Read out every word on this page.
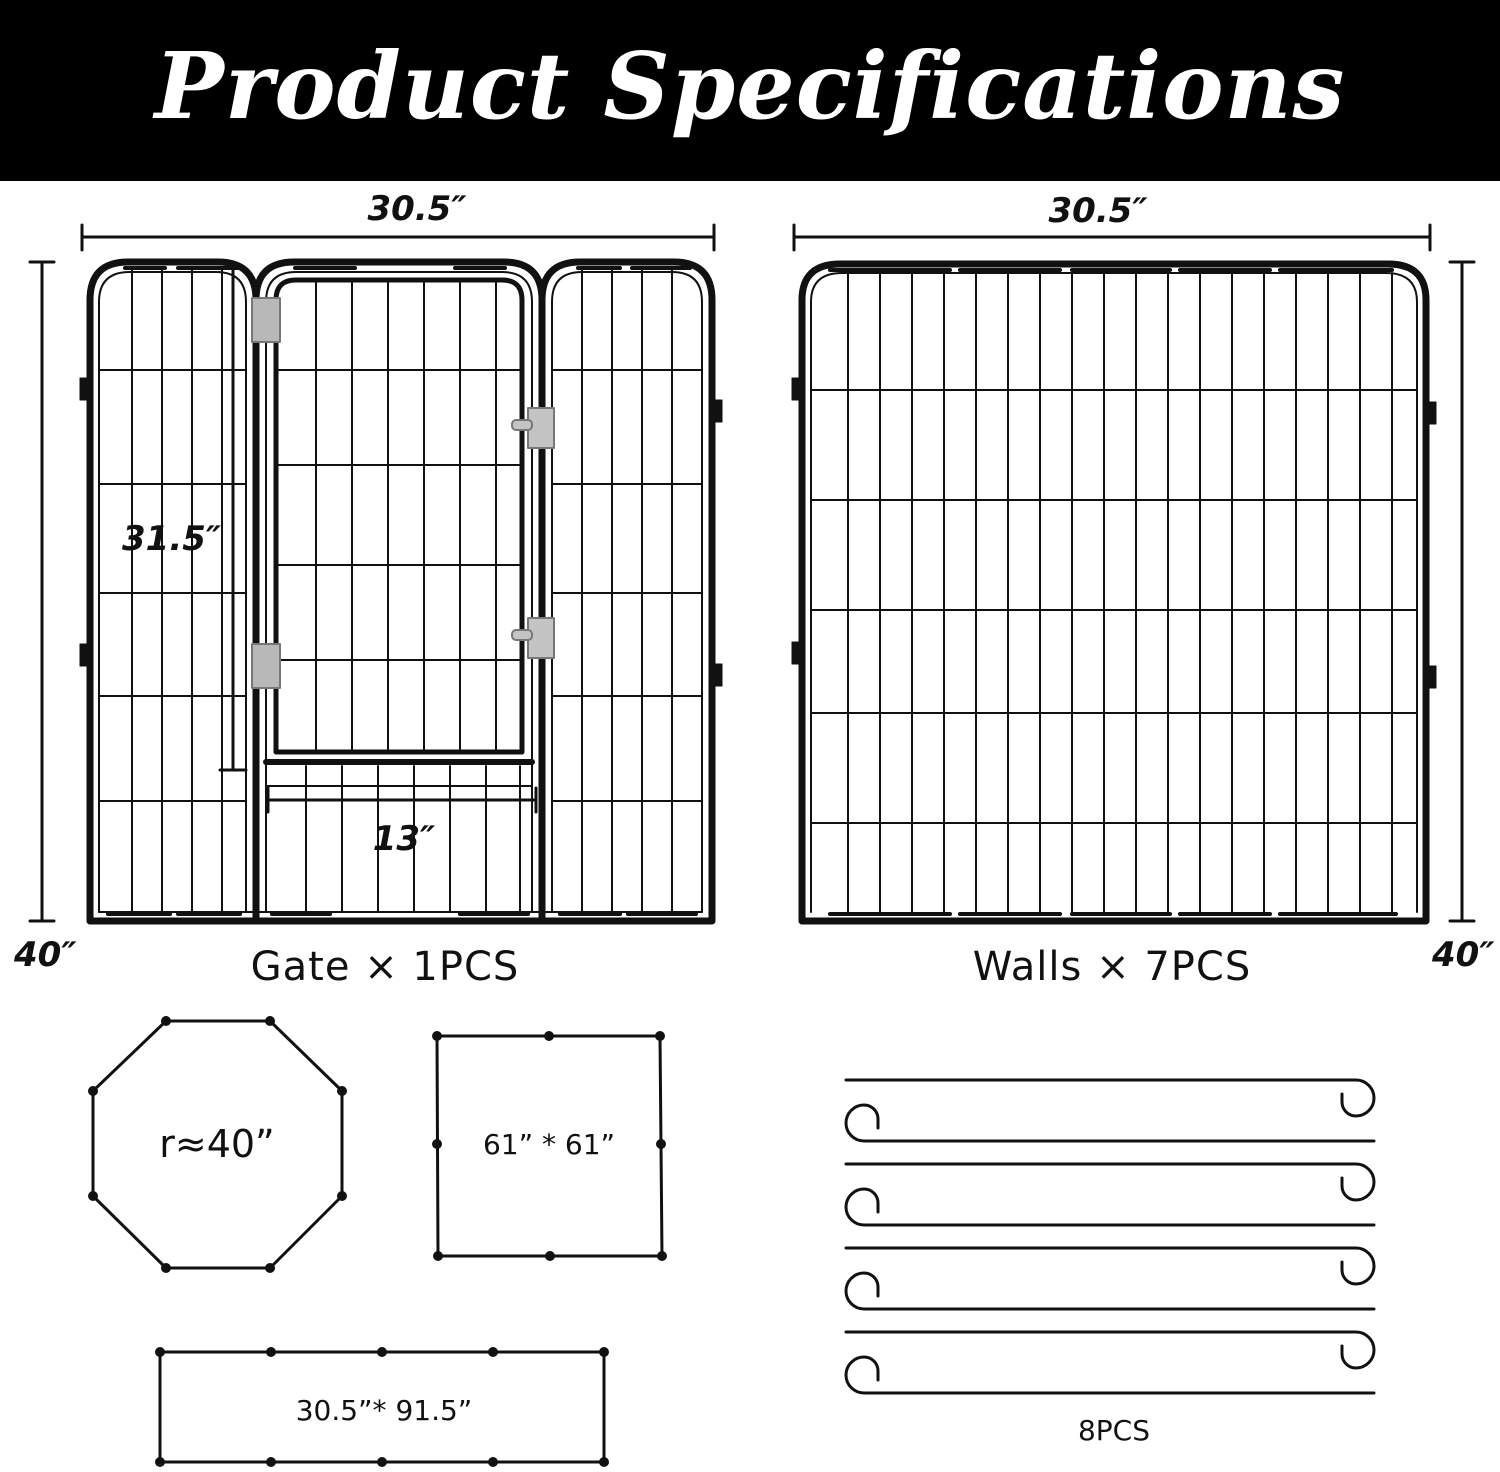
Product Specifications
30.5″
40″
31.5″
13″
Gate × 1PCS
30.5″
40″
Walls × 7PCS
r≈40”	61” * 61”
30.5”* 91.5”
8PCS
